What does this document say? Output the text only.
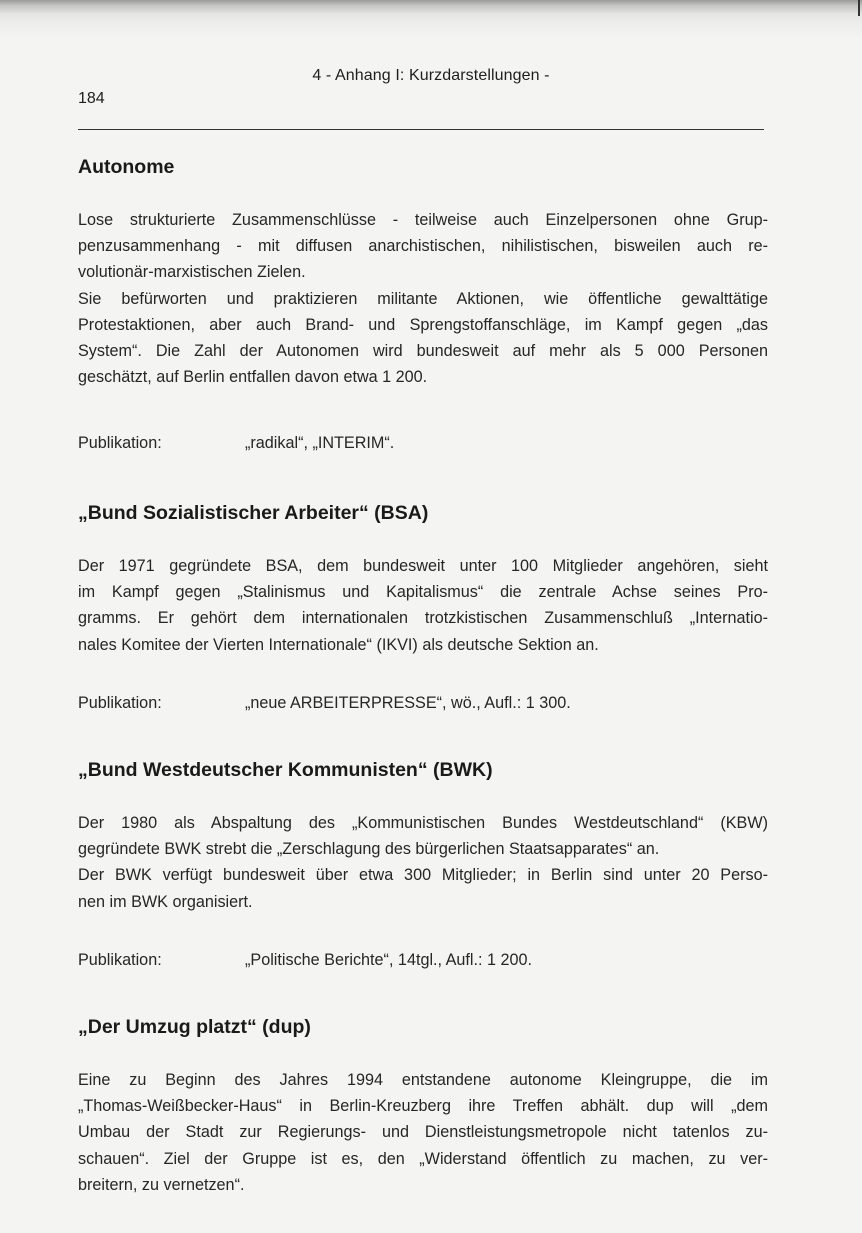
4 - Anhang I: Kurzdarstellungen -
184
Autonome
Lose strukturierte Zusammenschlüsse - teilweise auch Einzelpersonen ohne Grup-
penzusammenhang - mit diffusen anarchistischen, nihilistischen, bisweilen auch re-
volutionär-marxistischen Zielen.
Sie befürworten und praktizieren militante Aktionen, wie öffentliche gewalttätige
Protestaktionen, aber auch Brand- und Sprengstoffanschläge, im Kampf gegen „das
System“. Die Zahl der Autonomen wird bundesweit auf mehr als 5 000 Personen
geschätzt, auf Berlin entfallen davon etwa 1 200.
Publikation:	„radikal“, „INTERIM“.
„Bund Sozialistischer Arbeiter“ (BSA)
Der 1971 gegründete BSA, dem bundesweit unter 100 Mitglieder angehören, sieht
im Kampf gegen „Stalinismus und Kapitalismus“ die zentrale Achse seines Pro-
gramms. Er gehört dem internationalen trotzkistischen Zusammenschluß „Internatio-
nales Komitee der Vierten Internationale“ (IKVI) als deutsche Sektion an.
Publikation:	„neue ARBEITERPRESSE“, wö., Aufl.: 1 300.
„Bund Westdeutscher Kommunisten“ (BWK)
Der 1980 als Abspaltung des „Kommunistischen Bundes Westdeutschland“ (KBW)
gegründete BWK strebt die „Zerschlagung des bürgerlichen Staatsapparates“ an.
Der BWK verfügt bundesweit über etwa 300 Mitglieder; in Berlin sind unter 20 Perso-
nen im BWK organisiert.
Publikation:	„Politische Berichte“, 14tgl., Aufl.: 1 200.
„Der Umzug platzt“ (dup)
Eine zu Beginn des Jahres 1994 entstandene autonome Kleingruppe, die im
„Thomas-Weißbecker-Haus“ in Berlin-Kreuzberg ihre Treffen abhält. dup will „dem
Umbau der Stadt zur Regierungs- und Dienstleistungsmetropole nicht tatenlos zu-
schauen“. Ziel der Gruppe ist es, den „Widerstand öffentlich zu machen, zu ver-
breitern, zu vernetzen“.
